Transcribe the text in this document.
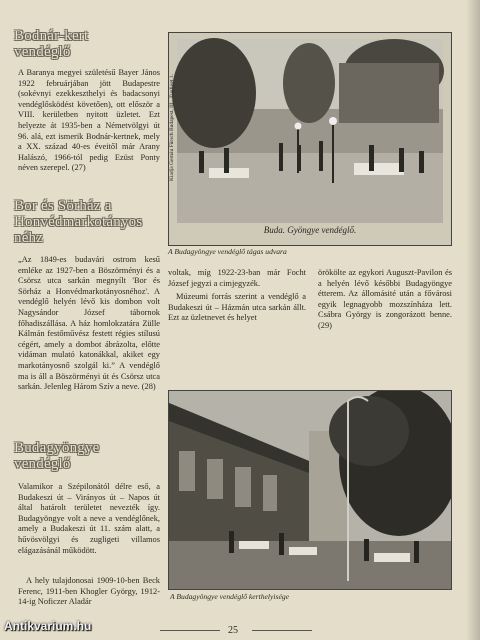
Bodnár-kert
vendéglő

A Baranya megyei születésű Bayer János 1922 februárjában jött Budapestre (sokévnyi ezekkeszthelyi és badacsonyi vendéglősködést követően), ott először a VIII. kerületben nyitott üzletet. Ezt helyezte át 1935-ben a Németvölgyi út 96. alá, ezt ismerik Bodnár-kertnek, mely a XX. század 40-es éveitől már Arany Halászó, 1966-tól pedig Ezüst Ponty néven szerepel. (27)

Bor és Sörház a
Honvédmarkotányos
néhz

„Az 1849-es budavári ostrom kesű emléke az 1927-ben a Böszörményi és a Csörsz utca sarkán megnyílt 'Bor és Sörház a Honvédmarkotányosnéhoz'. A vendéglő helyén lévő kis dombon volt Nagysándor József tábornok főhadiszállása. A ház homlokzatára Zülle Kálmán festőművész festett régies stílusú cégért, amely a dombot ábrázolta, előtte vidáman mulató katonákkal, akiket egy markotányosnő szolgál ki.” A vendéglő ma is áll a Böszörményi út és Csörsz utca sarkán. Jelenleg Három Szív a neve. (28)

Budagyöngye
vendéglő

Valamikor a Szépilonától délre eső, a Budakeszi út – Virányos út – Napos út által határolt területet nevezték így. Budagyöngye volt a neve a vendéglőnek, amely a Budakeszi út 11. szám alatt, a hűvösvölgyi és zugligeti villamos elágazásánál működött.

A hely tulajdonosai 1909-10-ben Beck Ferenc, 1911-ben Khogler György, 1912-14-ig Noficzer Aladár

voltak, míg 1922-23-ban már Focht József jegyzi a cimjegyzék.

Múzeumi forrás szerint a vendéglő a Budakeszi út – Házmán utca sarkán állt. Ezt az üzletnevet és helyet

örökölte az egykori Auguszt-Pavilon és a helyén lévő későbbi Budagyöngye étterem. Az állomásité után a fővárosi egyik legnagyobb mozszínháza lett. Csábra György is zongorázott benne. (29)

Kiadja Gernáu Fürsch Budapest, III., Zugliget 1.
Buda. Gyöngye vendéglő.
A Budagyöngye vendéglő tágas udvara
A Budagyöngye vendéglő kerthelyisége
25
Antikvarium.hu
